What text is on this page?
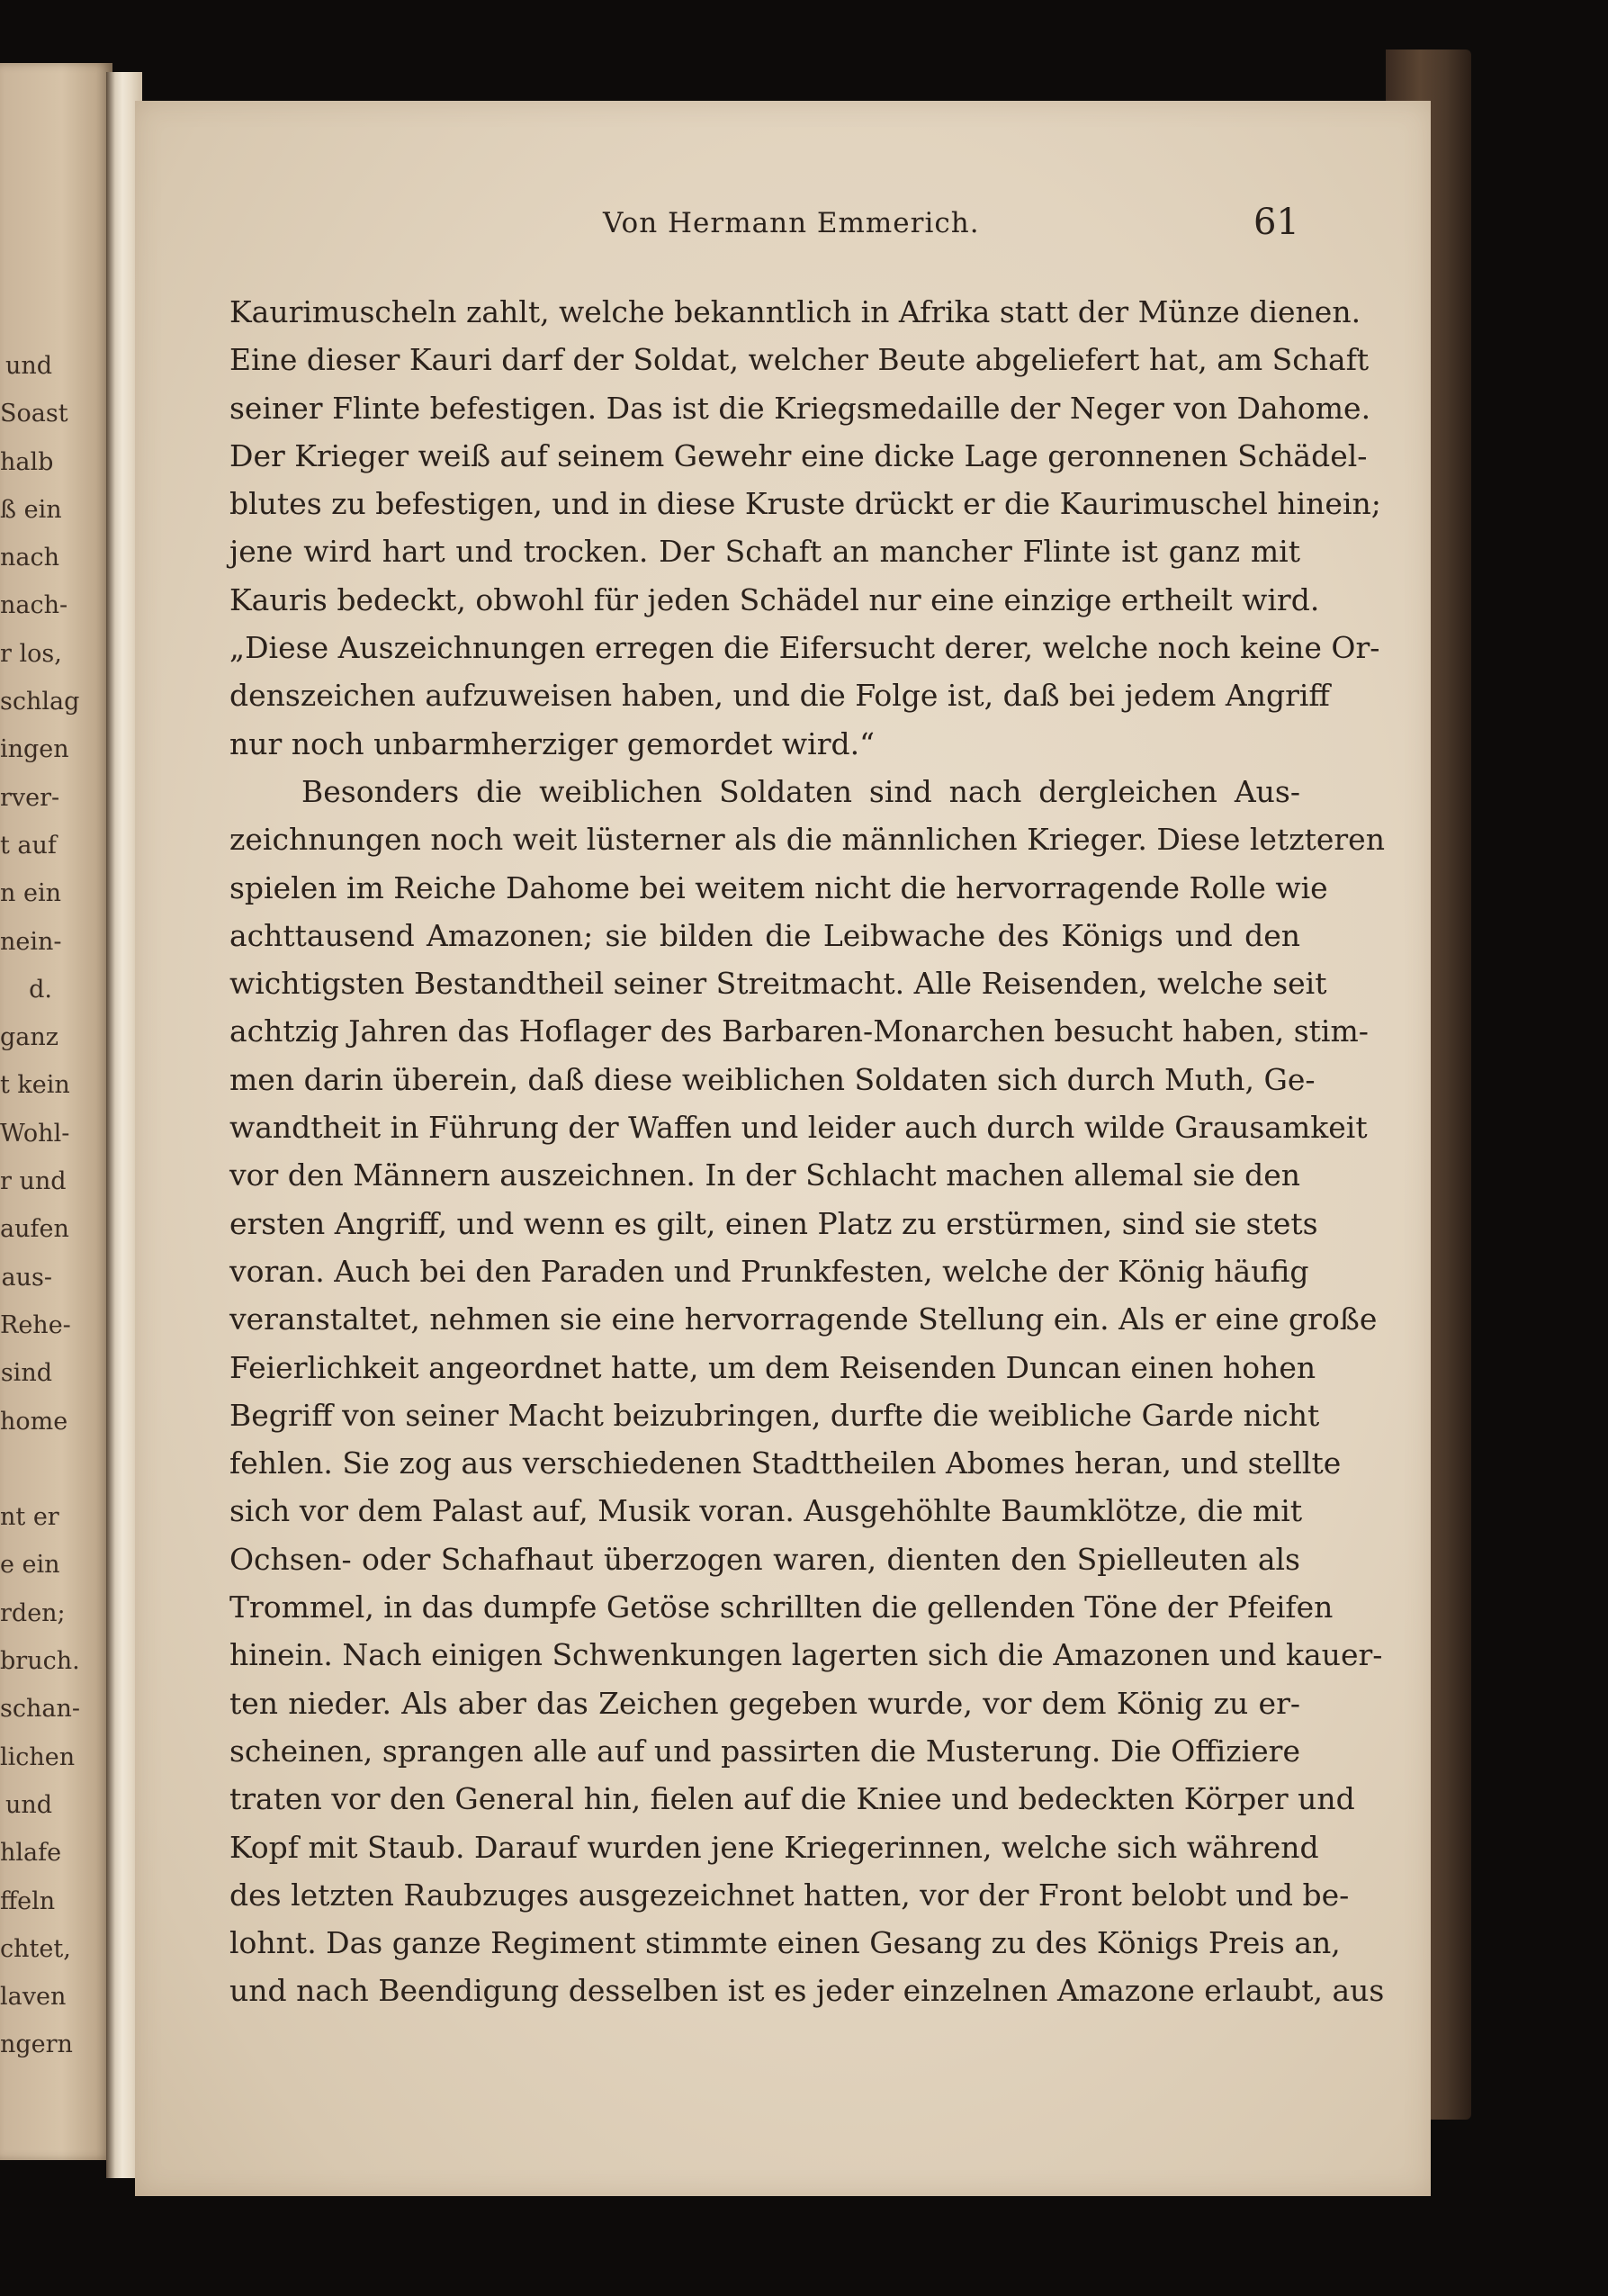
und
Soast
halb
ß ein
nach
nach-
r los,
schlag
ingen
rver-
t auf
n ein
nein-
d.
ganz
t kein
Wohl-
r und
aufen
aus-
Rehe-
sind
home
nt er
e ein
rden;
bruch.
schan-
lichen
und
hlafe
ffeln
chtet,
laven
ngern
Von Hermann Emmerich.	61
Kaurimuscheln zahlt, welche bekanntlich in Afrika statt der Münze dienen.
Eine dieser Kauri darf der Soldat, welcher Beute abgeliefert hat, am Schaft
seiner Flinte befestigen. Das ist die Kriegsmedaille der Neger von Dahome.
Der Krieger weiß auf seinem Gewehr eine dicke Lage geronnenen Schädel-
blutes zu befestigen, und in diese Kruste drückt er die Kaurimuschel hinein;
jene wird hart und trocken. Der Schaft an mancher Flinte ist ganz mit
Kauris bedeckt, obwohl für jeden Schädel nur eine einzige ertheilt wird.
„Diese Auszeichnungen erregen die Eifersucht derer, welche noch keine Or-
denszeichen aufzuweisen haben, und die Folge ist, daß bei jedem Angriff
nur noch unbarmherziger gemordet wird.“
Besonders die weiblichen Soldaten sind nach dergleichen Aus-
zeichnungen noch weit lüsterner als die männlichen Krieger. Diese letzteren
spielen im Reiche Dahome bei weitem nicht die hervorragende Rolle wie
achttausend Amazonen; sie bilden die Leibwache des Königs und den
wichtigsten Bestandtheil seiner Streitmacht. Alle Reisenden, welche seit
achtzig Jahren das Hoflager des Barbaren-Monarchen besucht haben, stim-
men darin überein, daß diese weiblichen Soldaten sich durch Muth, Ge-
wandtheit in Führung der Waffen und leider auch durch wilde Grausamkeit
vor den Männern auszeichnen. In der Schlacht machen allemal sie den
ersten Angriff, und wenn es gilt, einen Platz zu erstürmen, sind sie stets
voran. Auch bei den Paraden und Prunkfesten, welche der König häufig
veranstaltet, nehmen sie eine hervorragende Stellung ein. Als er eine große
Feierlichkeit angeordnet hatte, um dem Reisenden Duncan einen hohen
Begriff von seiner Macht beizubringen, durfte die weibliche Garde nicht
fehlen. Sie zog aus verschiedenen Stadttheilen Abomes heran, und stellte
sich vor dem Palast auf, Musik voran. Ausgehöhlte Baumklötze, die mit
Ochsen- oder Schafhaut überzogen waren, dienten den Spielleuten als
Trommel, in das dumpfe Getöse schrillten die gellenden Töne der Pfeifen
hinein. Nach einigen Schwenkungen lagerten sich die Amazonen und kauer-
ten nieder. Als aber das Zeichen gegeben wurde, vor dem König zu er-
scheinen, sprangen alle auf und passirten die Musterung. Die Offiziere
traten vor den General hin, fielen auf die Kniee und bedeckten Körper und
Kopf mit Staub. Darauf wurden jene Kriegerinnen, welche sich während
des letzten Raubzuges ausgezeichnet hatten, vor der Front belobt und be-
lohnt. Das ganze Regiment stimmte einen Gesang zu des Königs Preis an,
und nach Beendigung desselben ist es jeder einzelnen Amazone erlaubt, aus
